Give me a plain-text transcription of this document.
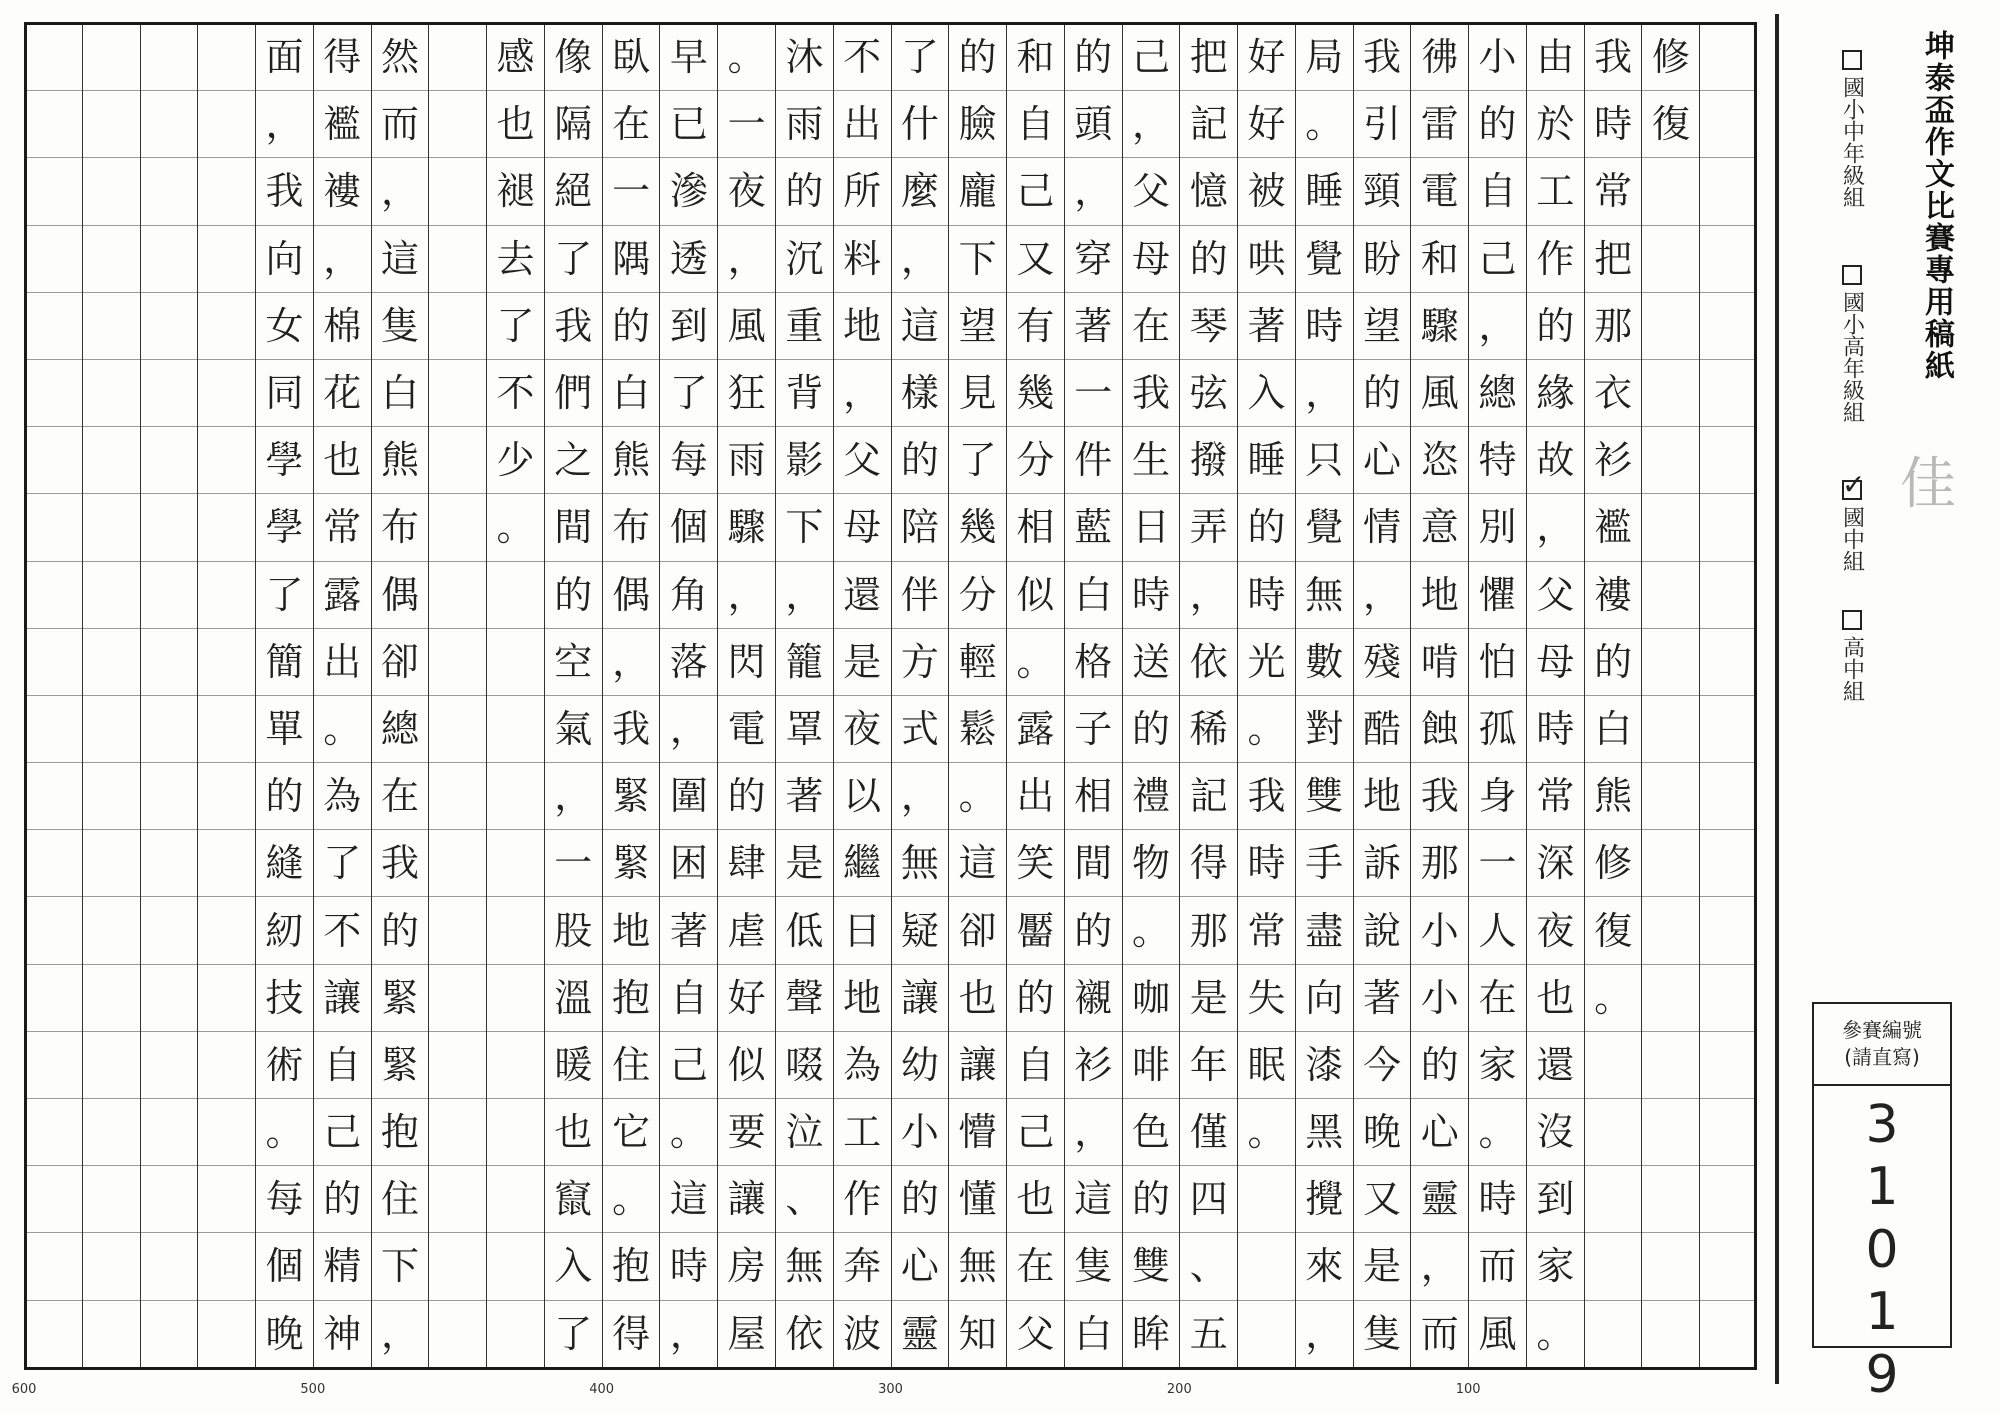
修
復
我
時
常
把
那
衣
衫
襤
褸
的
白
熊
修
復
。
由
於
工
作
的
緣
故
，
父
母
時
常
深
夜
也
還
沒
到
家
。
小
的
自
己
，
總
特
別
懼
怕
孤
身
一
人
在
家
。
時
而
風
彿
雷
電
和
驟
風
恣
意
地
啃
蝕
我
那
小
小
的
心
靈
，
而
我
引
頸
盼
望
的
心
情
，
殘
酷
地
訴
說
著
今
晚
又
是
隻
局
。
睡
覺
時
，
只
覺
無
數
對
雙
手
盡
向
漆
黑
攪
來
，
好
好
被
哄
著
入
睡
的
時
光
。
我
時
常
失
眠
。
把
記
憶
的
琴
弦
撥
弄
，
依
稀
記
得
那
是
年
僅
四
、
五
己
，
父
母
在
我
生
日
時
送
的
禮
物
。
咖
啡
色
的
雙
眸
的
頭
，
穿
著
一
件
藍
白
格
子
相
間
的
襯
衫
，
這
隻
白
和
自
己
又
有
幾
分
相
似
。
露
出
笑
靨
的
自
己
也
在
父
的
臉
龐
下
望
見
了
幾
分
輕
鬆
。
這
卻
也
讓
懵
懂
無
知
了
什
麼
，
這
樣
的
陪
伴
方
式
，
無
疑
讓
幼
小
的
心
靈
不
出
所
料
地
，
父
母
還
是
夜
以
繼
日
地
為
工
作
奔
波
沐
雨
的
沉
重
背
影
下
，
籠
罩
著
是
低
聲
啜
泣
、
無
依
。
一
夜
，
風
狂
雨
驟
，
閃
電
的
肆
虐
好
似
要
讓
房
屋
早
已
滲
透
到
了
每
個
角
落
，
圍
困
著
自
己
。
這
時
，
臥
在
一
隅
的
白
熊
布
偶
，
我
緊
緊
地
抱
住
它
。
抱
得
像
隔
絕
了
我
們
之
間
的
空
氣
，
一
股
溫
暖
也
竄
入
了
感
也
褪
去
了
不
少
。
然
而
，
這
隻
白
熊
布
偶
卻
總
在
我
的
緊
緊
抱
住
下
，
得
襤
褸
，
棉
花
也
常
露
出
。
為
了
不
讓
自
己
的
精
神
面
，
我
向
女
同
學
學
了
簡
單
的
縫
紉
技
術
。
每
個
晚
坤泰盃作文比賽專用稿紙
國小中年級組
國小高年級組
✓
國中組
高中組
佳
參賽編號
(請直寫)
3
1
0
1
9
100
200
300
400
500
600
